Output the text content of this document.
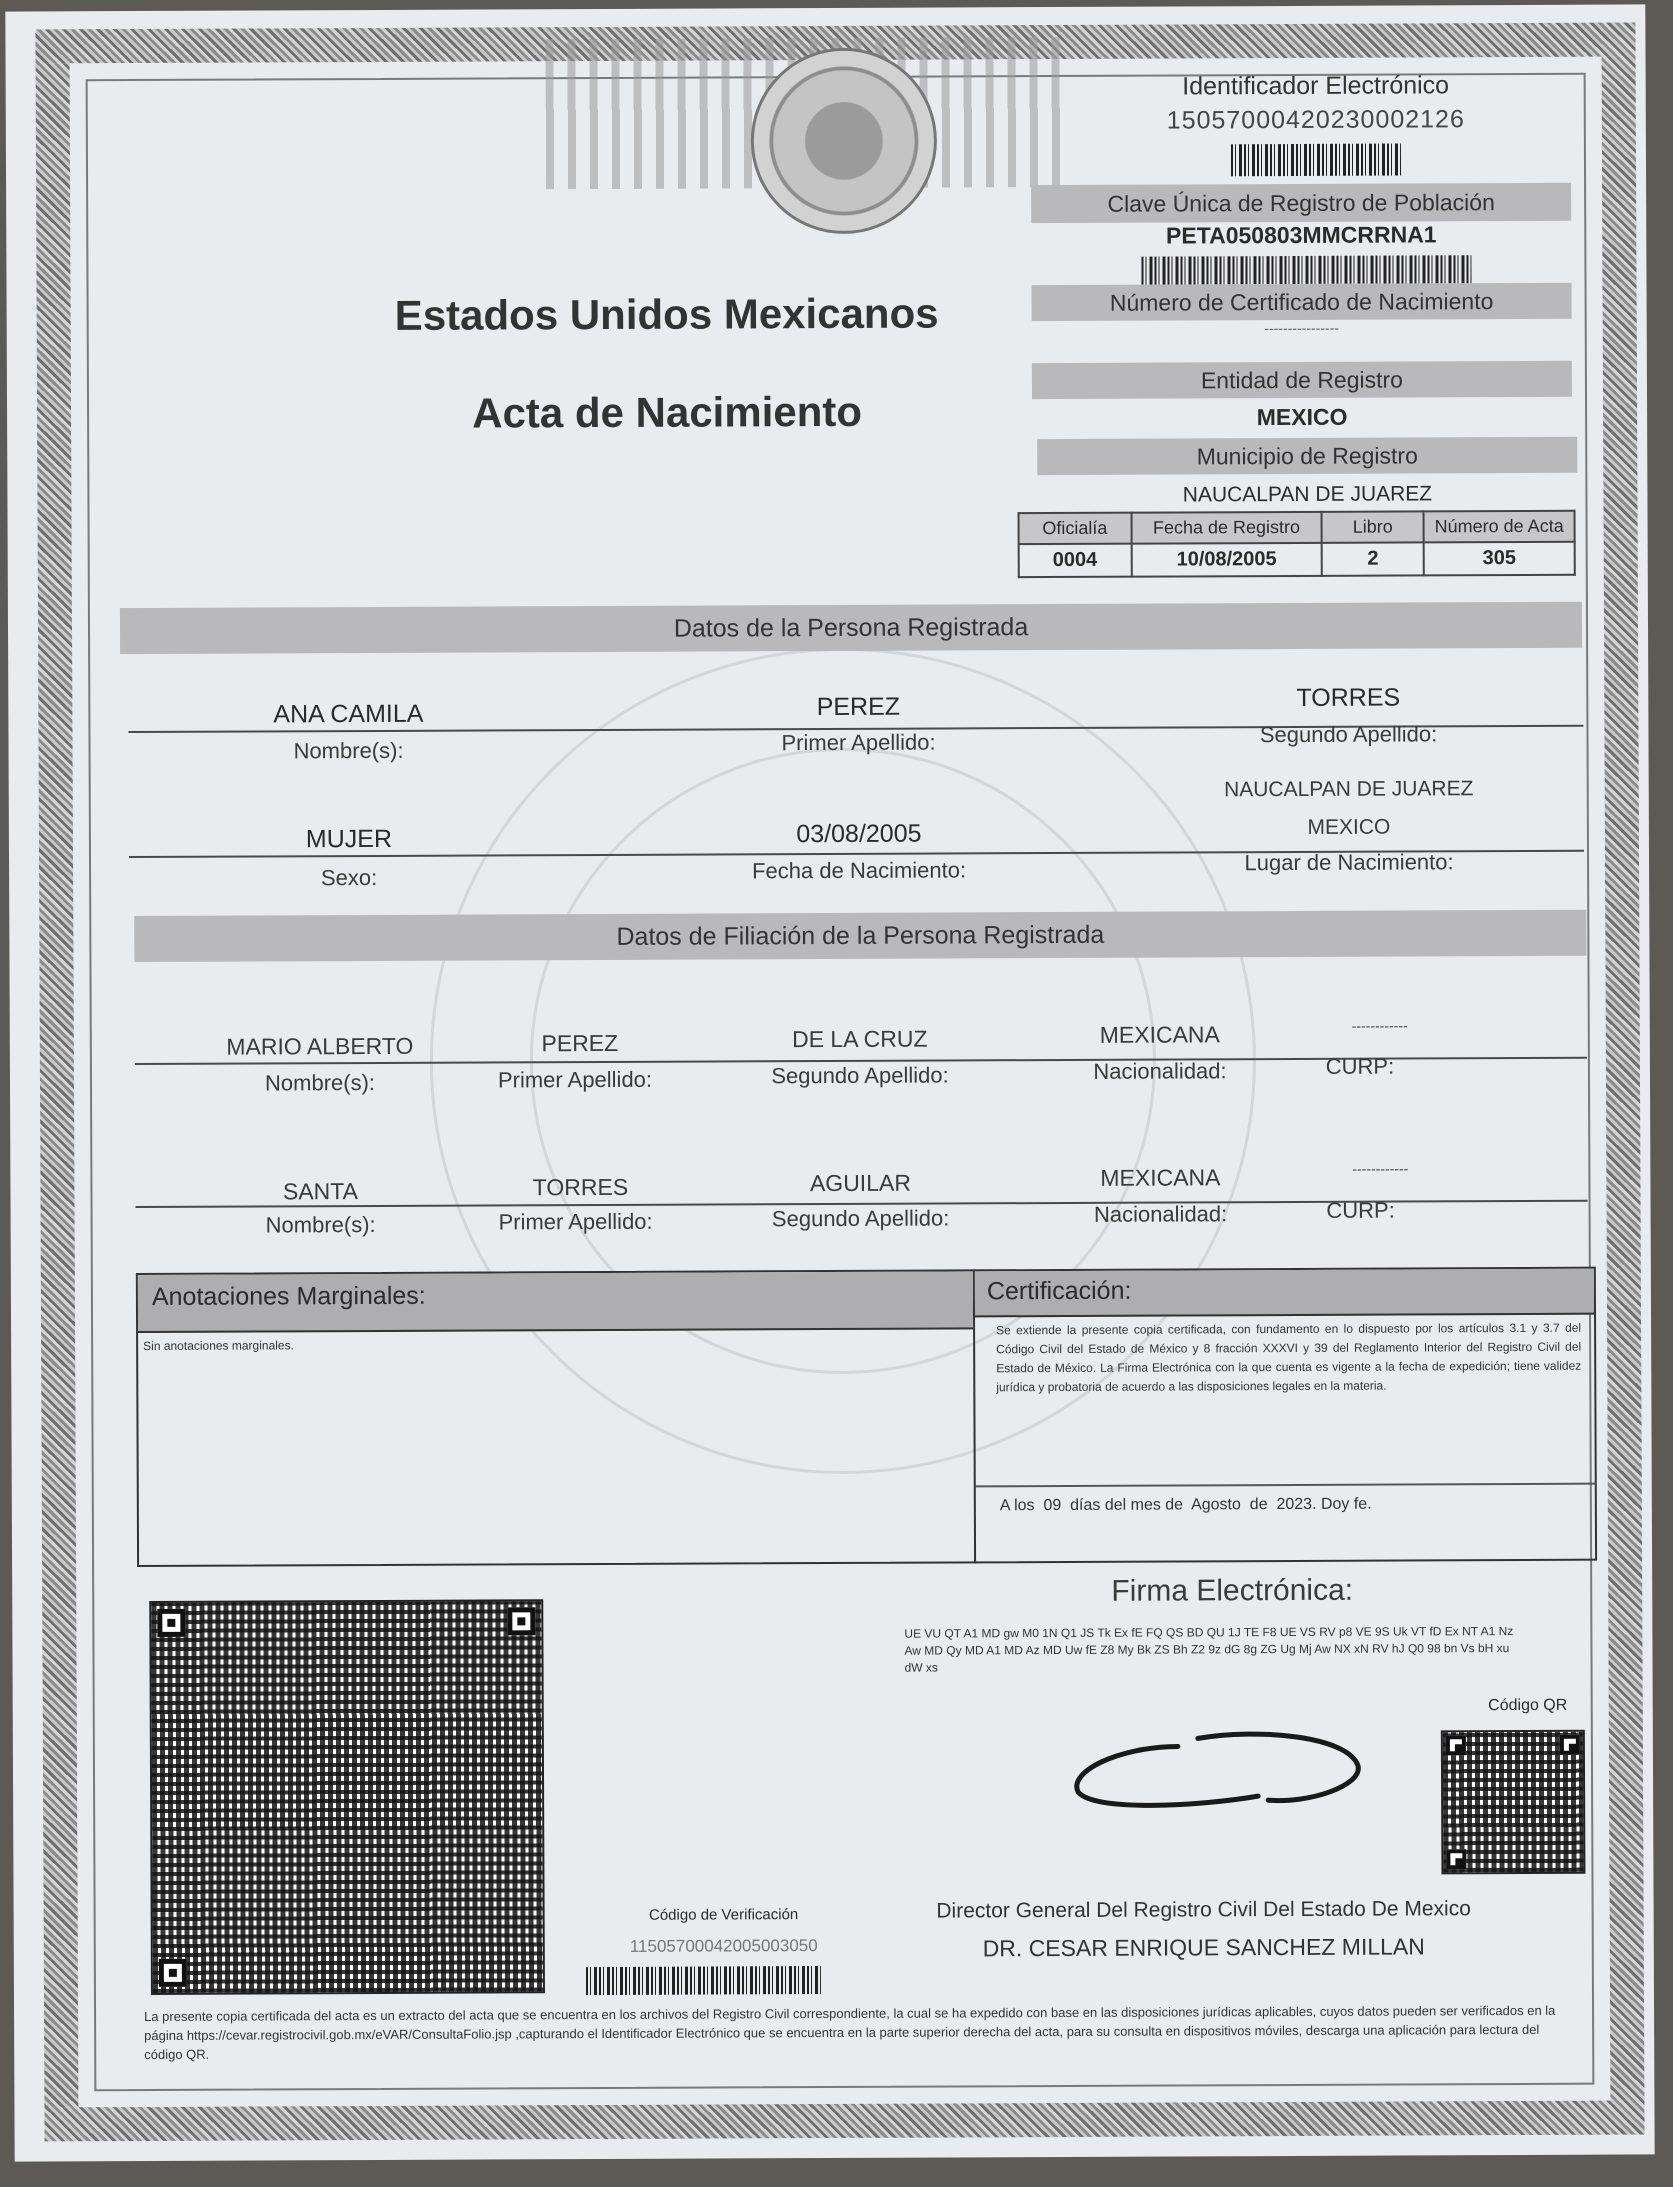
Estados Unidos Mexicanos
Acta de Nacimiento
Identificador Electrónico
15057000420230002126
Clave Única de Registro de Población
PETA050803MMCRRNA1
Número de Certificado de Nacimiento
----------------
Entidad de Registro
MEXICO
Municipio de Registro
NAUCALPAN DE JUAREZ
Oficialía	Fecha de Registro	Libro	Número de Acta
0004	10/08/2005	2	305
Datos de la Persona Registrada
ANA CAMILA	PEREZ	TORRES
Nombre(s):	Primer Apellido:	Segundo Apellido:
NAUCALPAN DE JUAREZ
MUJER	03/08/2005	MEXICO
Sexo:	Fecha de Nacimiento:	Lugar de Nacimiento:
Datos de Filiación de la Persona Registrada
MARIO ALBERTO	PEREZ	DE LA CRUZ	MEXICANA	------------
Nombre(s):	Primer Apellido:	Segundo Apellido:	Nacionalidad:	CURP:
SANTA	TORRES	AGUILAR	MEXICANA	------------
Nombre(s):	Primer Apellido:	Segundo Apellido:	Nacionalidad:	CURP:
Anotaciones Marginales:	Certificación:
Sin anotaciones marginales.
Se extiende la presente copia certificada, con fundamento en lo dispuesto por los artículos 3.1 y 3.7 del Código Civil del Estado de México y 8 fracción XXXVI y 39 del Reglamento Interior del Registro Civil del Estado de México. La Firma Electrónica con la que cuenta es vigente a la fecha de expedición; tiene validez jurídica y probatoria de acuerdo a las disposiciones legales en la materia.
A los  09  días del mes de  Agosto  de  2023. Doy fe.
Código de Verificación
11505700042005003050
Firma Electrónica:
UE VU QT A1 MD gw M0 1N Q1 JS Tk Ex fE FQ QS BD QU 1J TE F8 UE VS RV p8 VE 9S Uk VT fD Ex NT A1 Nz Aw MD Qy MD A1 MD Az MD Uw fE Z8 My Bk ZS Bh Z2 9z dG 8g ZG Ug Mj Aw NX xN RV hJ Q0 98 bn Vs bH xu dW xs
Código QR
Director General Del Registro Civil Del Estado De Mexico
DR. CESAR ENRIQUE SANCHEZ MILLAN
La presente copia certificada del acta es un extracto del acta que se encuentra en los archivos del Registro Civil correspondiente, la cual se ha expedido con base en las disposiciones jurídicas aplicables, cuyos datos pueden ser verificados en la página https://cevar.registrocivil.gob.mx/eVAR/ConsultaFolio.jsp ,capturando el Identificador Electrónico que se encuentra en la parte superior derecha del acta, para su consulta en dispositivos móviles, descarga una aplicación para lectura del código QR.
